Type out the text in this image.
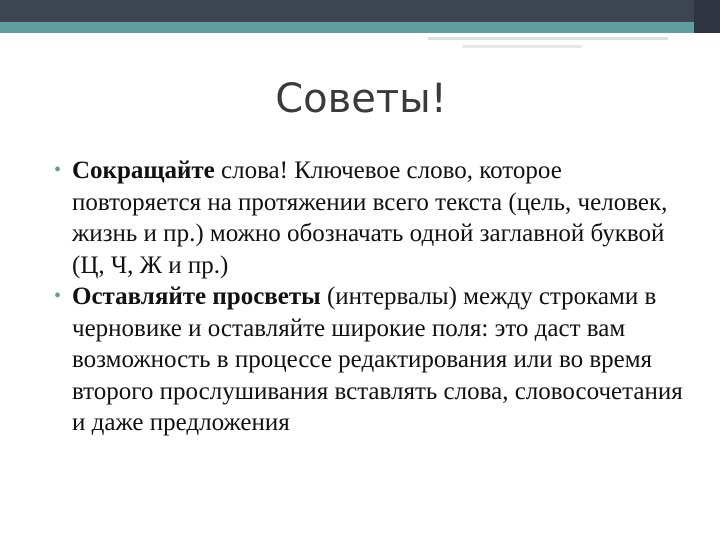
Советы!
• Сокращайте слова! Ключевое слово, которое повторяется на протяжении всего текста (цель, человек, жизнь и пр.) можно обозначать одной заглавной буквой (Ц, Ч, Ж и пр.)
• Оставляйте просветы (интервалы) между строками в черновике и оставляйте широкие поля: это даст вам возможность в процессе редактирования или во время второго прослушивания вставлять слова, словосочетания и даже предложения
